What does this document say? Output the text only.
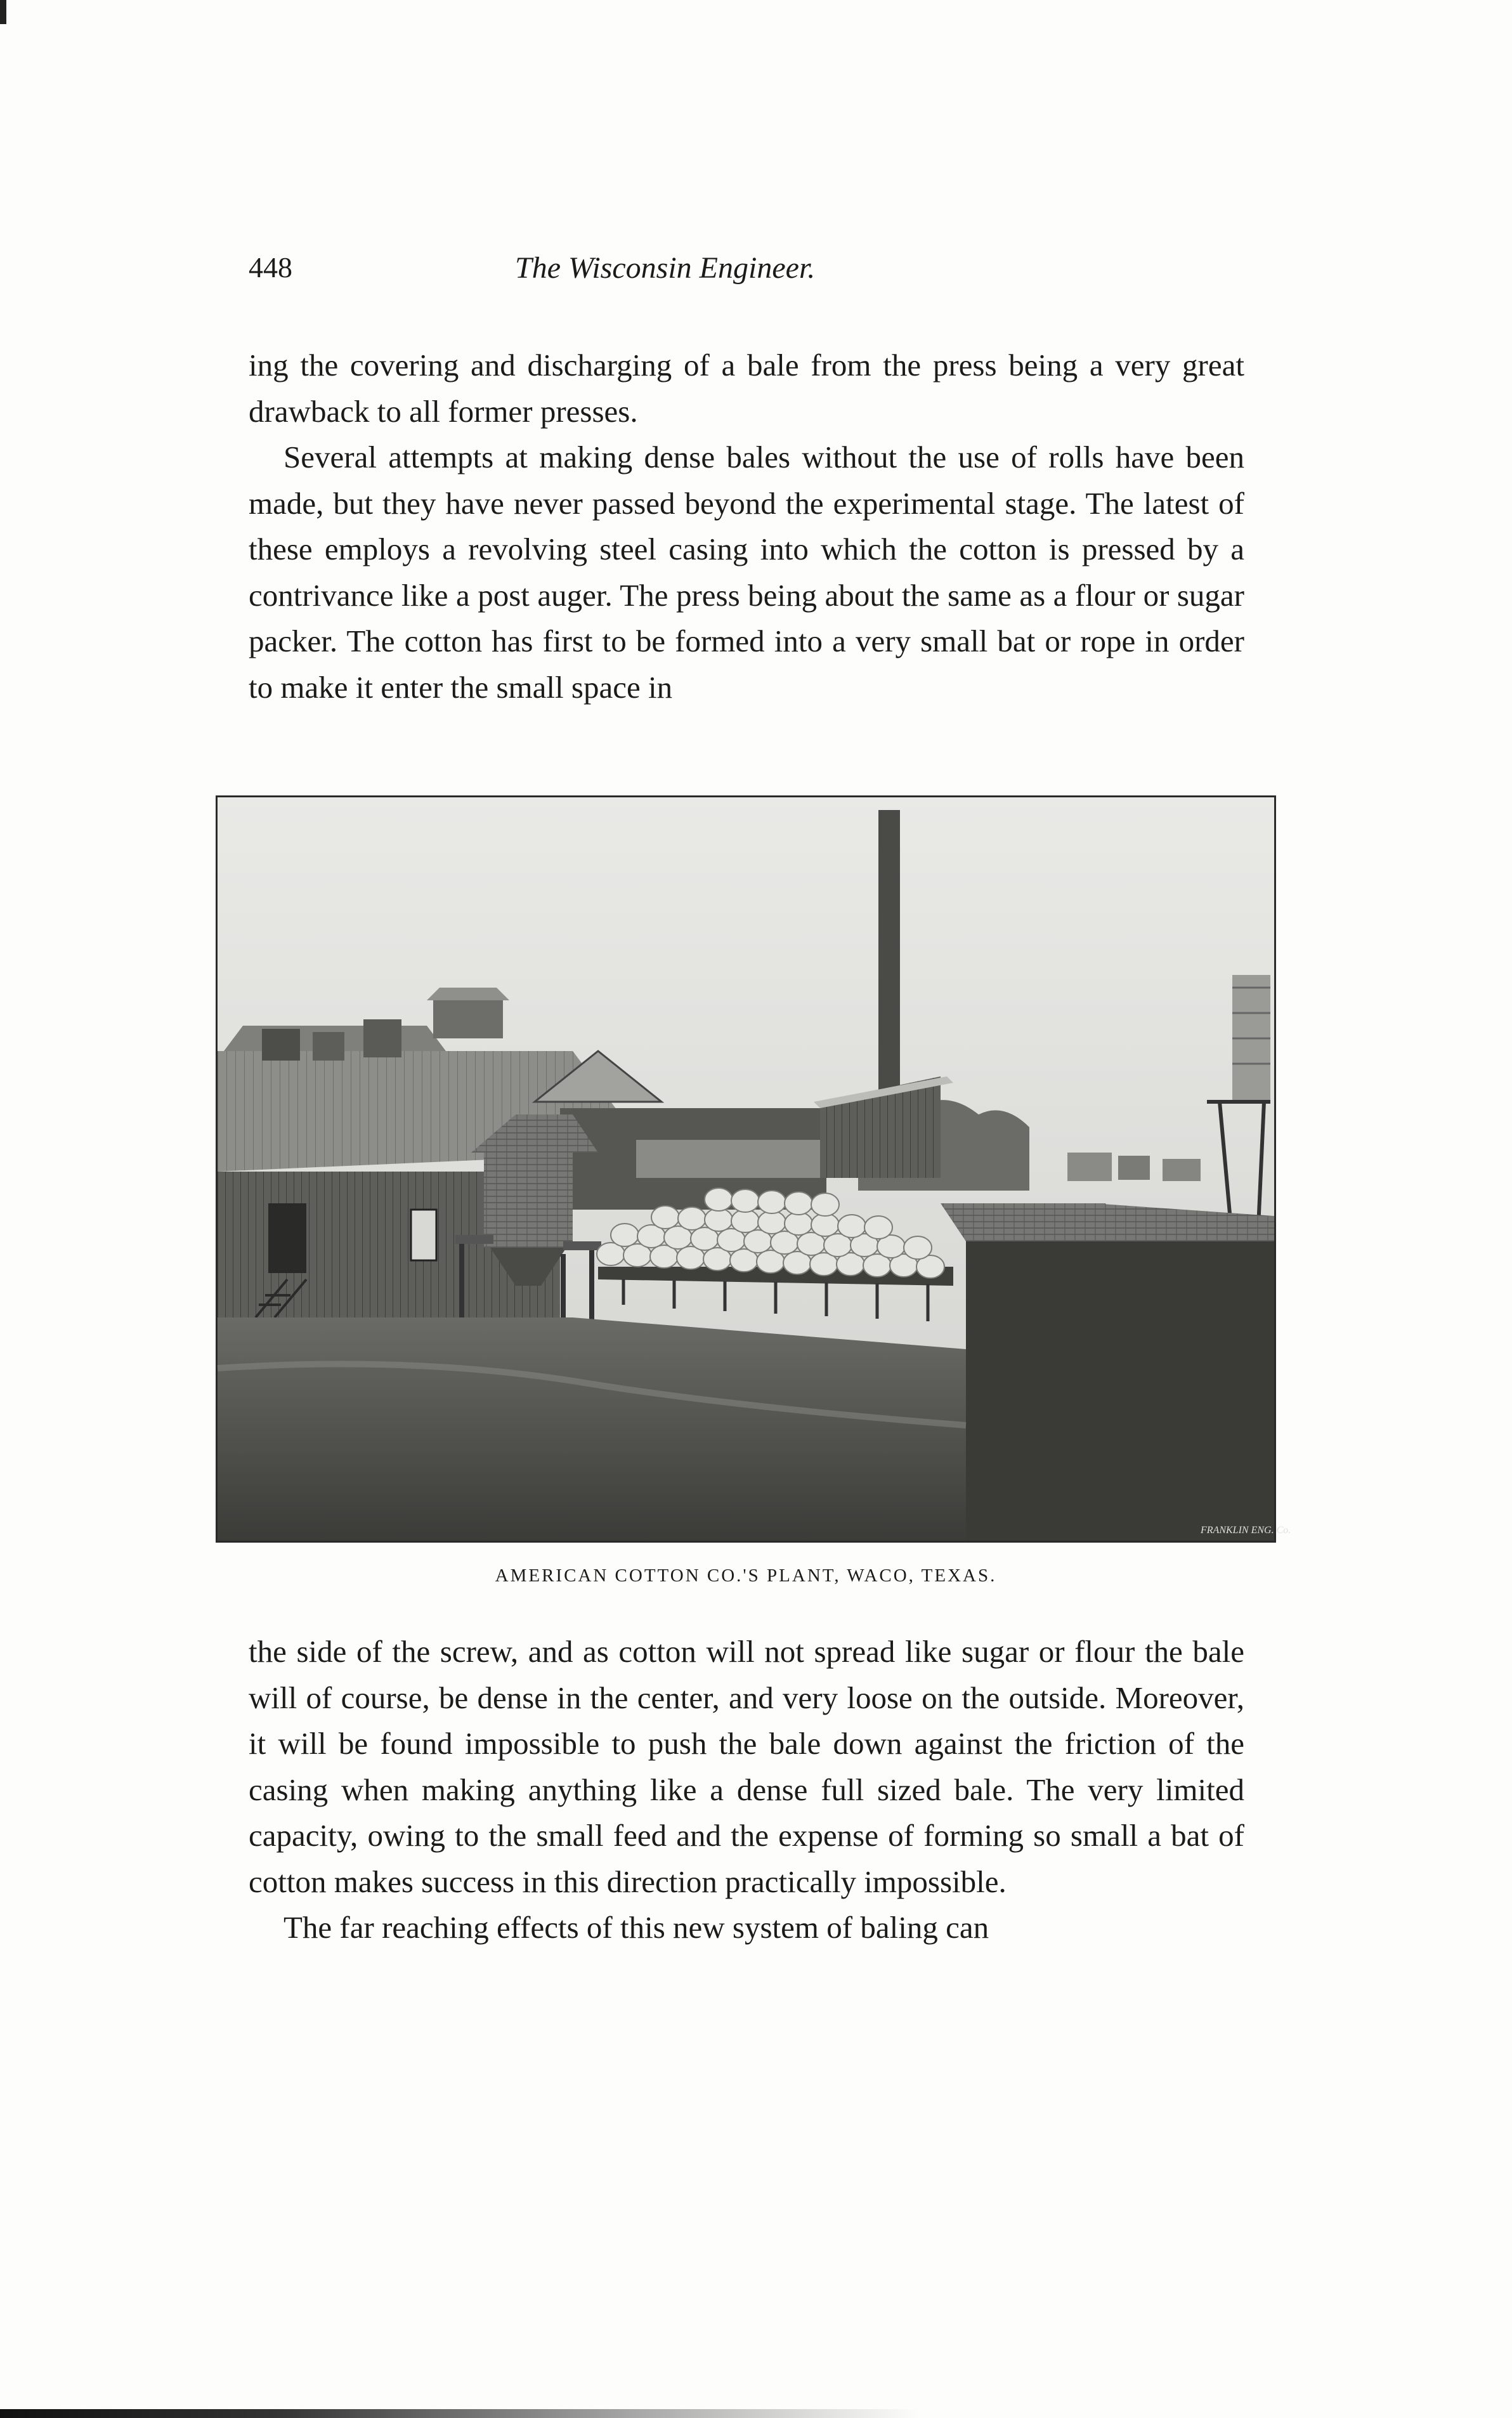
448	The Wisconsin Engineer.

ing the covering and discharging of a bale from the press being a very great drawback to all former presses.

Several attempts at making dense bales without the use of rolls have been made, but they have never passed beyond the experimental stage. The latest of these employs a revolving steel casing into which the cotton is pressed by a contrivance like a post auger. The press being about the same as a flour or sugar packer. The cotton has first to be formed into a very small bat or rope in order to make it enter the small space in

FRANKLIN ENG. Co.
AMERICAN COTTON CO.'S PLANT, WACO, TEXAS.

the side of the screw, and as cotton will not spread like sugar or flour the bale will of course, be dense in the center, and very loose on the outside. Moreover, it will be found impossible to push the bale down against the friction of the casing when making anything like a dense full sized bale. The very limited capacity, owing to the small feed and the expense of forming so small a bat of cotton makes success in this direction practically impossible.

The far reaching effects of this new system of baling can
